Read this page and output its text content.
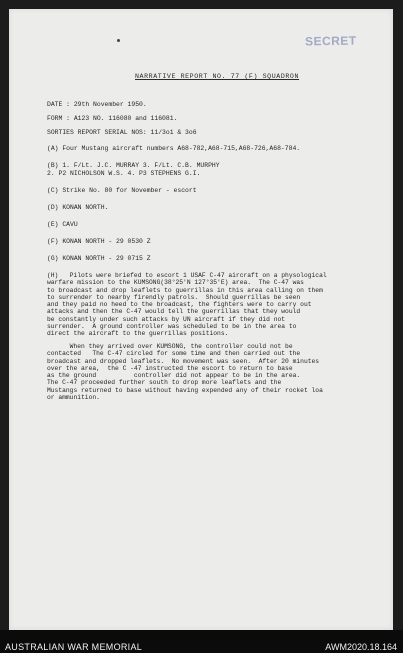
SECRET
NARRATIVE REPORT NO. 77 (F) SQUADRON
DATE : 29th November 1950.
FORM : A123 NO. 116080 and 116081.
SORTIES REPORT SERIAL NOS: 11/3o1 & 3o6
(A) Four Mustang aircraft numbers A68-782,A68-715,A68-726,A68-784.
(B) 1. F/Lt. J.C. MURRAY 3. F/Lt. C.B. MURPHY
2. P2 NICHOLSON W.S. 4. P3 STEPHENS G.I.
(C) Strike No. 80 for November - escort
(D) KONAN NORTH.
(E) CAVU
(F) KONAN NORTH - 29 0530 Z
(G) KONAN NORTH - 29 0715 Z
(H)   Pilots were briefed to escort 1 USAF C-47 aircraft on a physological
warfare mission to the KUMSONG(38°25'N 127°35'E) area.  The C-47 was
to broadcast and drop leaflets to guerrillas in this area calling on them
to surrender to nearby firendly patrols.  Should guerrillas be seen
and they paid no heed to the broadcast, the fighters were to carry out
attacks and then the C-47 would tell the guerrillas that they would
be constantly under such attacks by UN aircraft if they did not
surrender.  A ground controller was scheduled to be in the area to
direct the aircraft to the guerrillas positions.
When they arrived over KUMSONG, the controller could not be
contacted   The C-47 circled for some time and then carried out the
broadcast and dropped leaflets.  No movement was seen.  After 20 minutes
over the area,  the C -47 instructed the escort to return to base
as the ground          controller did not appear to be in the area.
The C-47 proceeded further south to drop more leaflets and the
Mustangs returned to base without having expended any of their rocket loa
or ammunition.
AUSTRALIAN WAR MEMORIAL	AWM2020.18.164
